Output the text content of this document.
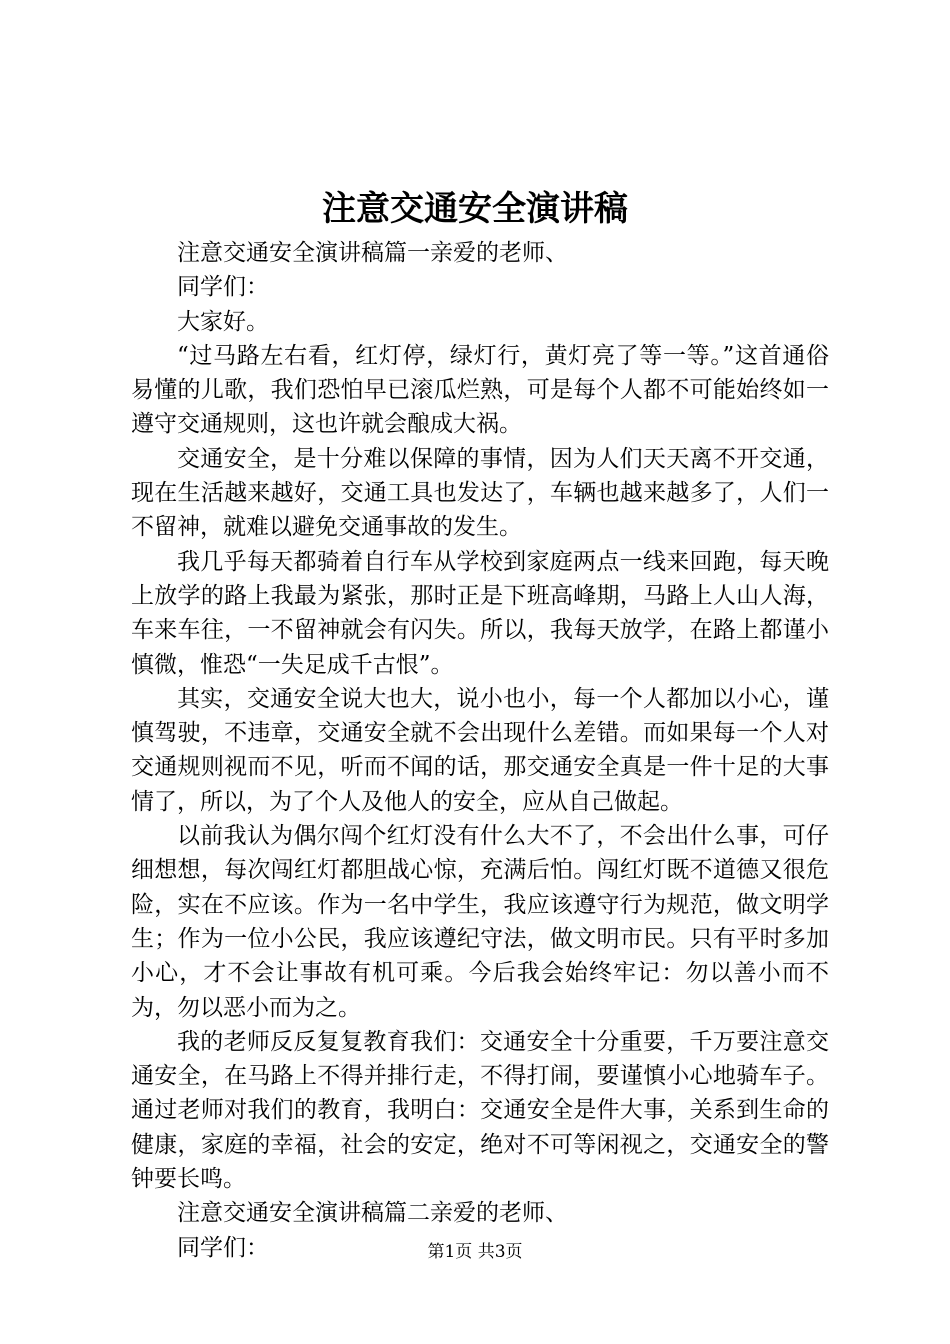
注意交通安全演讲稿

注意交通安全演讲稿篇一亲爱的老师、

同学们：

大家好。

“过马路左右看，红灯停，绿灯行，黄灯亮了等一等。”这首通俗易懂的儿歌，我们恐怕早已滚瓜烂熟，可是每个人都不可能始终如一遵守交通规则，这也许就会酿成大祸。

交通安全，是十分难以保障的事情，因为人们天天离不开交通，现在生活越来越好，交通工具也发达了，车辆也越来越多了，人们一不留神，就难以避免交通事故的发生。

我几乎每天都骑着自行车从学校到家庭两点一线来回跑，每天晚上放学的路上我最为紧张，那时正是下班高峰期，马路上人山人海，车来车往，一不留神就会有闪失。所以，我每天放学，在路上都谨小慎微，惟恐“一失足成千古恨”。

其实，交通安全说大也大，说小也小，每一个人都加以小心，谨慎驾驶，不违章，交通安全就不会出现什么差错。而如果每一个人对交通规则视而不见，听而不闻的话，那交通安全真是一件十足的大事情了，所以，为了个人及他人的安全，应从自己做起。

以前我认为偶尔闯个红灯没有什么大不了，不会出什么事，可仔细想想，每次闯红灯都胆战心惊，充满后怕。闯红灯既不道德又很危险，实在不应该。作为一名中学生，我应该遵守行为规范，做文明学生；作为一位小公民，我应该遵纪守法，做文明市民。只有平时多加小心，才不会让事故有机可乘。今后我会始终牢记：勿以善小而不为，勿以恶小而为之。

我的老师反反复复教育我们：交通安全十分重要，千万要注意交通安全，在马路上不得并排行走，不得打闹，要谨慎小心地骑车子。通过老师对我们的教育，我明白：交通安全是件大事，关系到生命的健康，家庭的幸福，社会的安定，绝对不可等闲视之，交通安全的警钟要长鸣。

注意交通安全演讲稿篇二亲爱的老师、

同学们：	第1页 共3页
